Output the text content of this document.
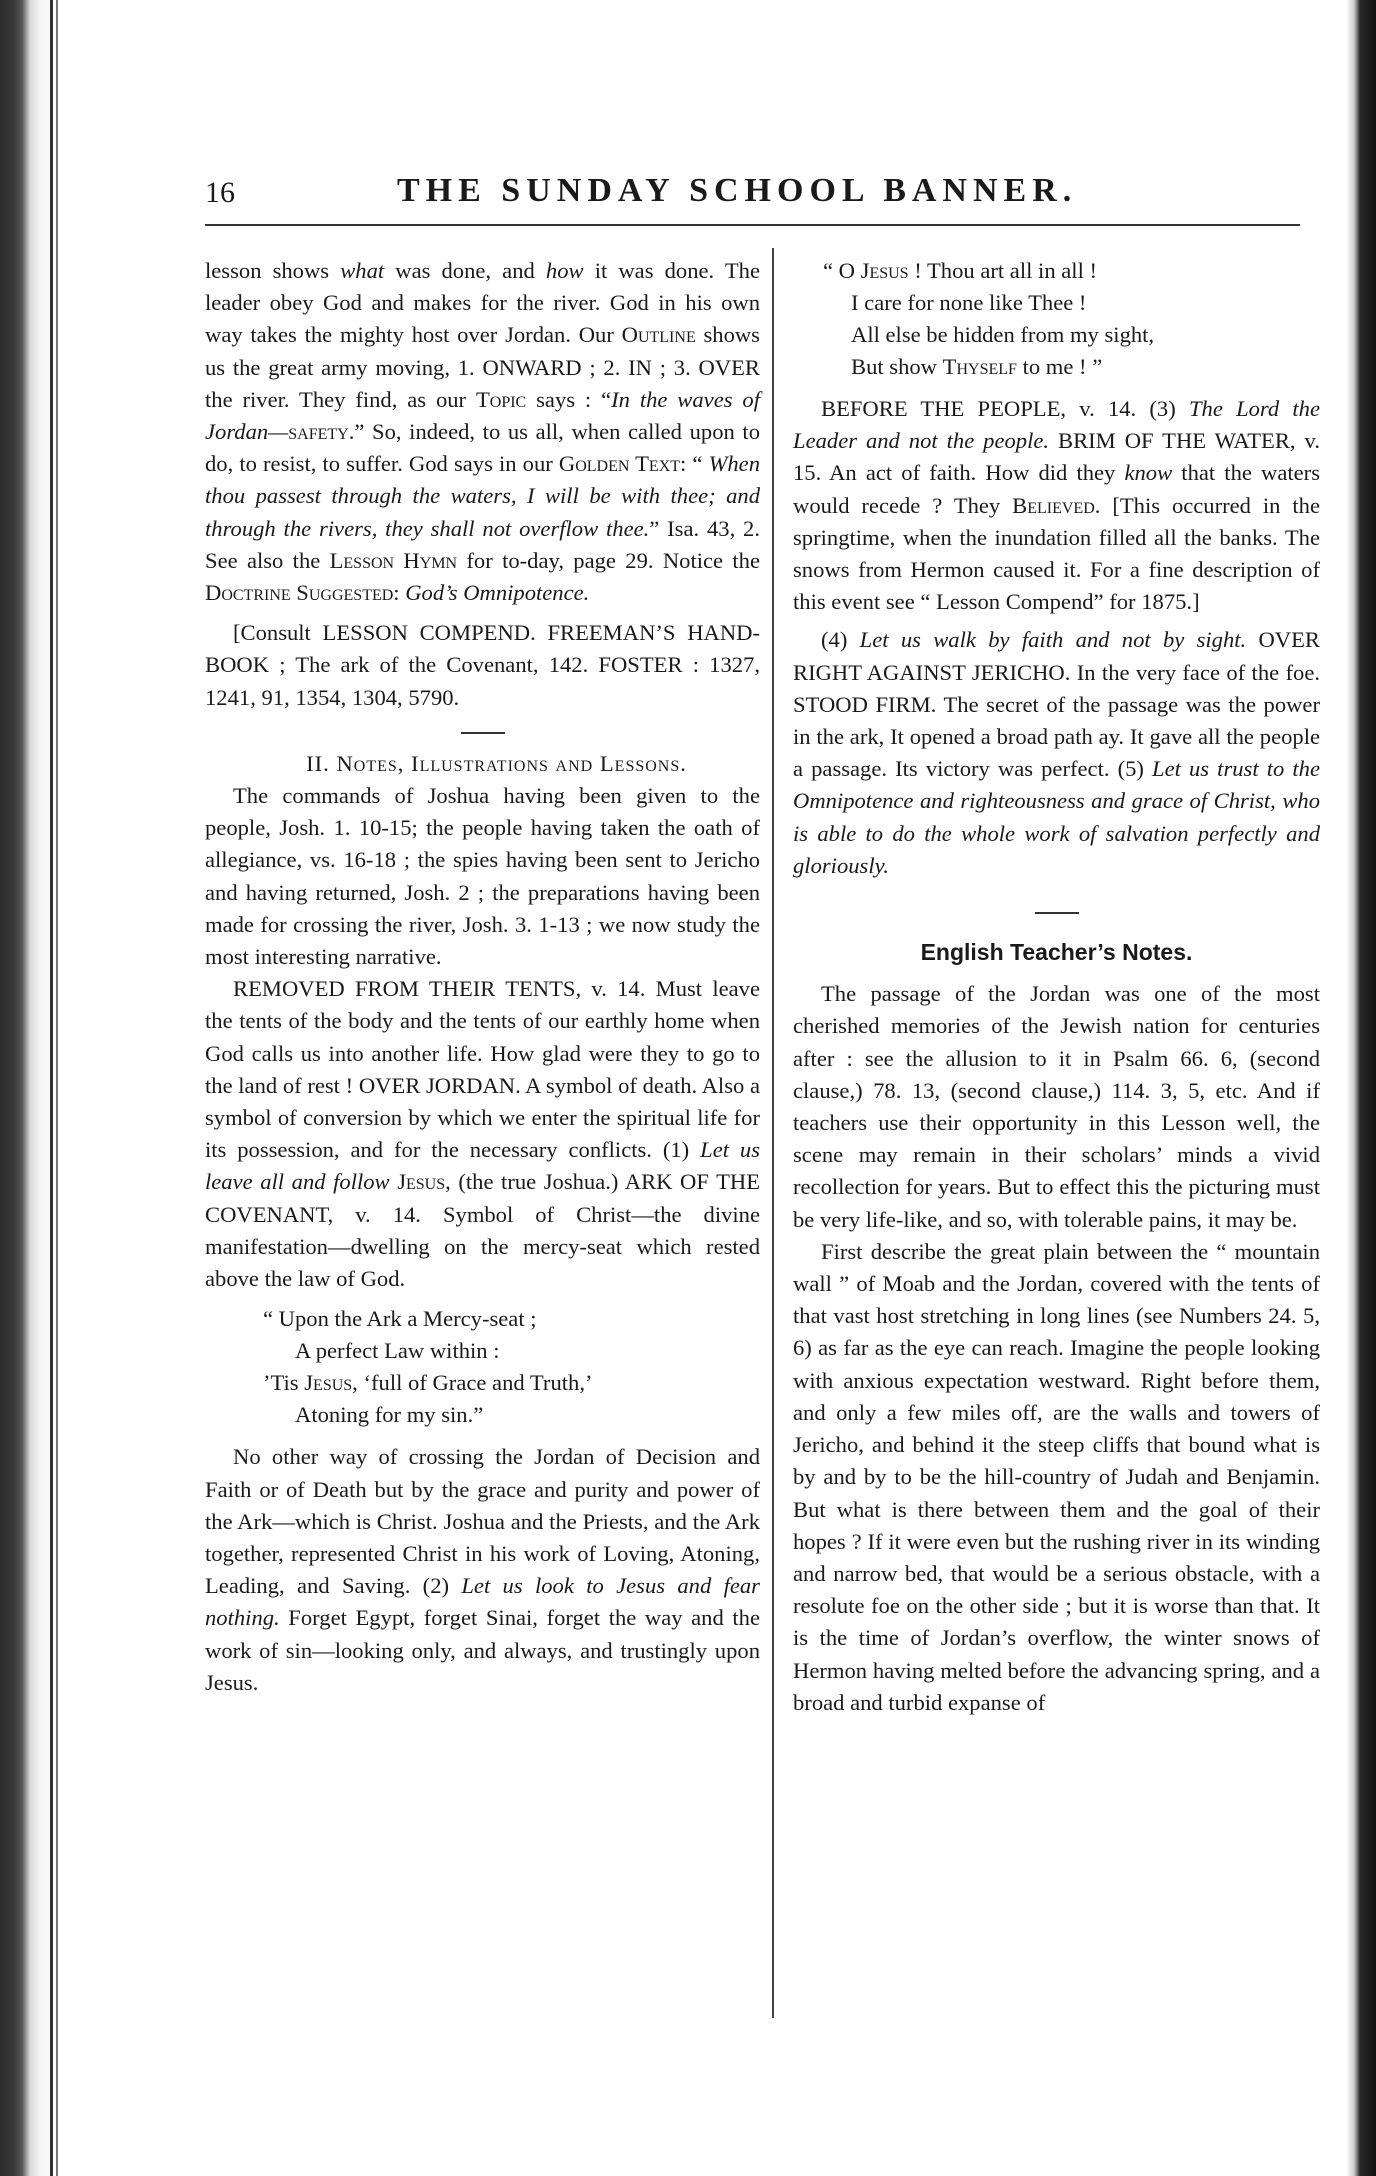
16	THE SUNDAY SCHOOL BANNER.

lesson shows what was done, and how it was done. The leader obey God and makes for the river. God in his own way takes the mighty host over Jordan. Our Outline shows us the great army moving, 1. ONWARD ; 2. IN ; 3. OVER the river. They find, as our Topic says : “In the waves of Jordan—safety.” So, indeed, to us all, when called upon to do, to resist, to suffer. God says in our Golden Text: “ When thou passest through the waters, I will be with thee; and through the rivers, they shall not overflow thee.” Isa. 43, 2. See also the Lesson Hymn for to-day, page 29. Notice the Doctrine Suggested: God’s Omnipotence.

[Consult LESSON COMPEND. FREEMAN’S HAND-BOOK ; The ark of the Covenant, 142. FOSTER : 1327, 1241, 91, 1354, 1304, 5790.

II. Notes, Illustrations and Lessons.

The commands of Joshua having been given to the people, Josh. 1. 10-15; the people having taken the oath of allegiance, vs. 16-18 ; the spies having been sent to Jericho and having returned, Josh. 2 ; the preparations having been made for crossing the river, Josh. 3. 1-13 ; we now study the most interesting narrative.

REMOVED FROM THEIR TENTS, v. 14. Must leave the tents of the body and the tents of our earthly home when God calls us into another life. How glad were they to go to the land of rest ! OVER JORDAN. A symbol of death. Also a symbol of conversion by which we enter the spiritual life for its possession, and for the necessary conflicts. (1) Let us leave all and follow Jesus, (the true Joshua.) ARK OF THE COVENANT, v. 14. Symbol of Christ—the divine manifestation—dwelling on the mercy-seat which rested above the law of God.

“ Upon the Ark a Mercy-seat ;
A perfect Law within :
’Tis Jesus, ‘full of Grace and Truth,’
Atoning for my sin.”

No other way of crossing the Jordan of Decision and Faith or of Death but by the grace and purity and power of the Ark—which is Christ. Joshua and the Priests, and the Ark together, represented Christ in his work of Loving, Atoning, Leading, and Saving. (2) Let us look to Jesus and fear nothing. Forget Egypt, forget Sinai, forget the way and the work of sin—looking only, and always, and trustingly upon Jesus.

“ O Jesus ! Thou art all in all !
I care for none like Thee !
All else be hidden from my sight,
But show Thyself to me ! ”

BEFORE THE PEOPLE, v. 14. (3) The Lord the Leader and not the people. BRIM OF THE WATER, v. 15. An act of faith. How did they know that the waters would recede ? They Believed. [This occurred in the springtime, when the inundation filled all the banks. The snows from Hermon caused it. For a fine description of this event see “ Lesson Compend” for 1875.]

(4) Let us walk by faith and not by sight. OVER RIGHT AGAINST JERICHO. In the very face of the foe. STOOD FIRM. The secret of the passage was the power in the ark, It opened a broad path ay. It gave all the people a passage. Its victory was perfect. (5) Let us trust to the Omnipotence and righteousness and grace of Christ, who is able to do the whole work of salvation perfectly and gloriously.

English Teacher’s Notes.

The passage of the Jordan was one of the most cherished memories of the Jewish nation for centuries after : see the allusion to it in Psalm 66. 6, (second clause,) 78. 13, (second clause,) 114. 3, 5, etc. And if teachers use their opportunity in this Lesson well, the scene may remain in their scholars’ minds a vivid recollection for years. But to effect this the picturing must be very life-like, and so, with tolerable pains, it may be.

First describe the great plain between the “ mountain wall ” of Moab and the Jordan, covered with the tents of that vast host stretching in long lines (see Numbers 24. 5, 6) as far as the eye can reach. Imagine the people looking with anxious expectation westward. Right before them, and only a few miles off, are the walls and towers of Jericho, and behind it the steep cliffs that bound what is by and by to be the hill-country of Judah and Benjamin. But what is there between them and the goal of their hopes ? If it were even but the rushing river in its winding and narrow bed, that would be a serious obstacle, with a resolute foe on the other side ; but it is worse than that. It is the time of Jordan’s overflow, the winter snows of Hermon having melted before the advancing spring, and a broad and turbid expanse of
